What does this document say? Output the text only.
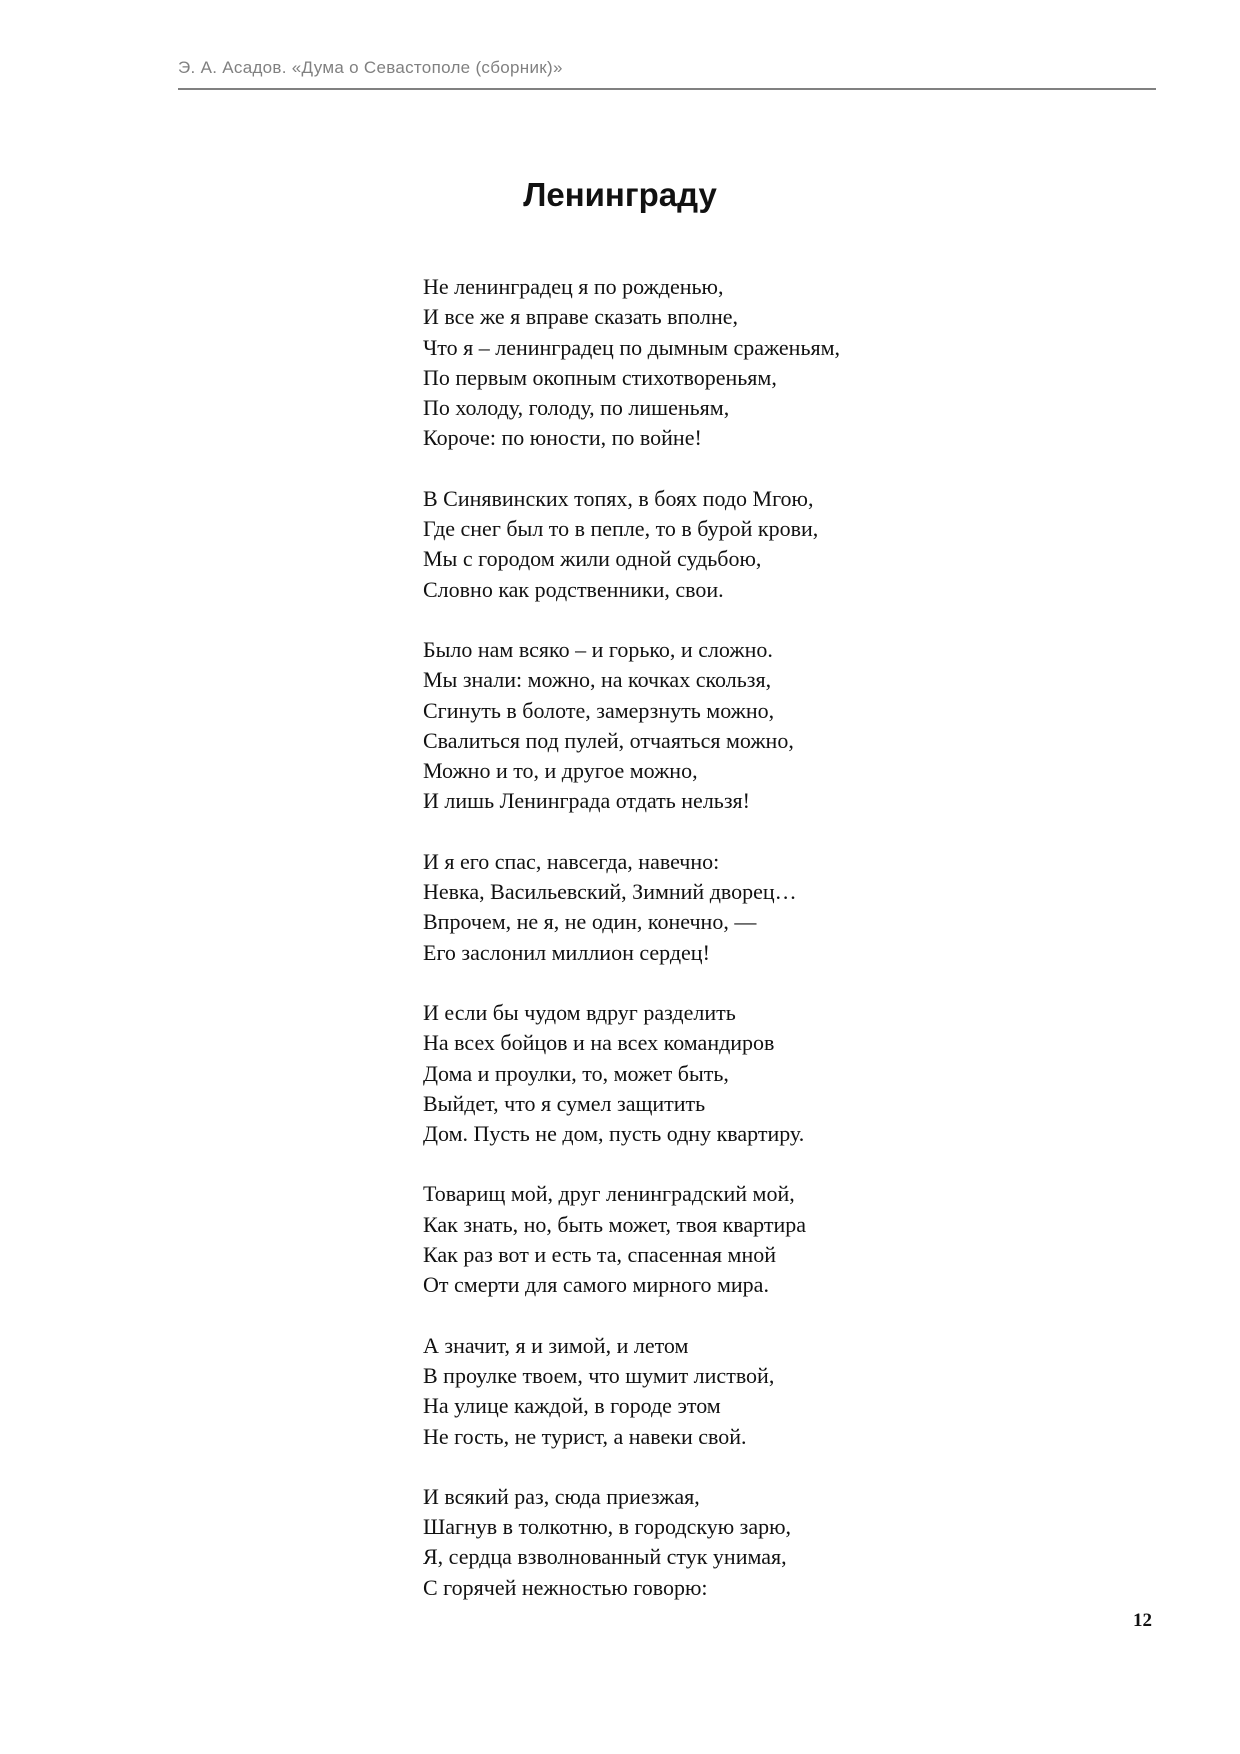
Э. А. Асадов. «Дума о Севастополе (сборник)»
Ленинграду
Не ленинградец я по рожденью,
И все же я вправе сказать вполне,
Что я – ленинградец по дымным сраженьям,
По первым окопным стихотвореньям,
По холоду, голоду, по лишеньям,
Короче: по юности, по войне!
В Синявинских топях, в боях подо Мгою,
Где снег был то в пепле, то в бурой крови,
Мы с городом жили одной судьбою,
Словно как родственники, свои.
Было нам всяко – и горько, и сложно.
Мы знали: можно, на кочках скользя,
Сгинуть в болоте, замерзнуть можно,
Свалиться под пулей, отчаяться можно,
Можно и то, и другое можно,
И лишь Ленинграда отдать нельзя!
И я его спас, навсегда, навечно:
Невка, Васильевский, Зимний дворец…
Впрочем, не я, не один, конечно, —
Его заслонил миллион сердец!
И если бы чудом вдруг разделить
На всех бойцов и на всех командиров
Дома и проулки, то, может быть,
Выйдет, что я сумел защитить
Дом. Пусть не дом, пусть одну квартиру.
Товарищ мой, друг ленинградский мой,
Как знать, но, быть может, твоя квартира
Как раз вот и есть та, спасенная мной
От смерти для самого мирного мира.
А значит, я и зимой, и летом
В проулке твоем, что шумит листвой,
На улице каждой, в городе этом
Не гость, не турист, а навеки свой.
И всякий раз, сюда приезжая,
Шагнув в толкотню, в городскую зарю,
Я, сердца взволнованный стук унимая,
С горячей нежностью говорю:
12
